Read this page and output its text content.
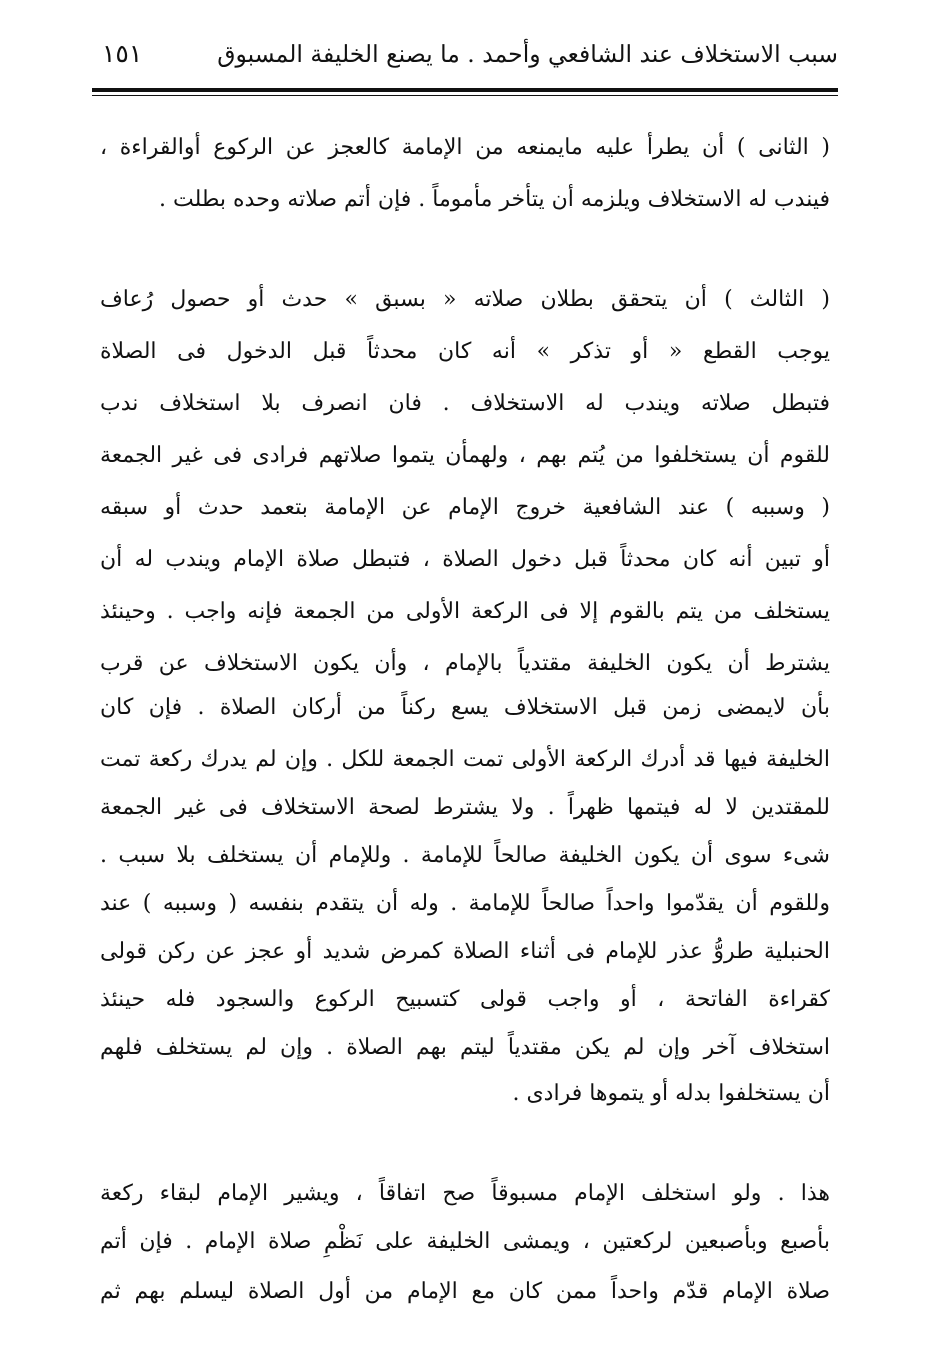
سبب الاستخلاف عند الشافعي وأحمد . ما يصنع الخليفة المسبوق
١٥١
( الثانى ) أن يطرأ عليه مايمنعه من الإمامة كالعجز عن الركوع أوالقراءة ،
فيندب له الاستخلاف ويلزمه أن يتأخر مأموماً . فإن أتم صلاته وحده بطلت .
( الثالث ) أن يتحقق بطلان صلاته « بسبق » حدث أو حصول رُعاف
يوجب القطع « أو تذكر » أنه كان محدثاً قبل الدخول فى الصلاة
فتبطل صلاته ويندب له الاستخلاف . فان انصرف بلا استخلاف ندب
للقوم أن يستخلفوا من يُتم بهم ، ولهمأن يتموا صلاتهم فرادى فى غير الجمعة
( وسببه ) عند الشافعية خروج الإمام عن الإمامة بتعمد حدث أو سبقه
أو تبين أنه كان محدثاً قبل دخول الصلاة ، فتبطل صلاة الإمام ويندب له أن
يستخلف من يتم بالقوم إلا فى الركعة الأولى من الجمعة فإنه واجب . وحينئذ
يشترط أن يكون الخليفة مقتدياً بالإمام ، وأن يكون الاستخلاف عن قرب
بأن لايمضى زمن قبل الاستخلاف يسع ركناً من أركان الصلاة . فإن كان
الخليفة فيها قد أدرك الركعة الأولى تمت الجمعة للكل . وإن لم يدرك ركعة تمت
للمقتدين لا له فيتمها ظهراً . ولا يشترط لصحة الاستخلاف فى غير الجمعة
شىء سوى أن يكون الخليفة صالحاً للإمامة . وللإمام أن يستخلف بلا سبب .
وللقوم أن يقدّموا واحداً صالحاً للإمامة . وله أن يتقدم بنفسه ( وسببه ) عند
الحنبلية طروُّ عذر للإمام فى أثناء الصلاة كمرض شديد أو عجز عن ركن قولى
كقراءة الفاتحة ، أو واجب قولى كتسبيح الركوع والسجود فله حينئذ
استخلاف آخر وإن لم يكن مقتدياً ليتم بهم الصلاة . وإن لم يستخلف فلهم
أن يستخلفوا بدله أو يتموها فرادى .
هذا . ولو استخلف الإمام مسبوقاً صح اتفاقاً ، ويشير الإمام لبقاء ركعة
بأصبع وبأصبعين لركعتين ، ويمشى الخليفة على نَظْمِ صلاة الإمام . فإن أتم
صلاة الإمام قدّم واحداً ممن كان مع الإمام من أول الصلاة ليسلم بهم ثم
